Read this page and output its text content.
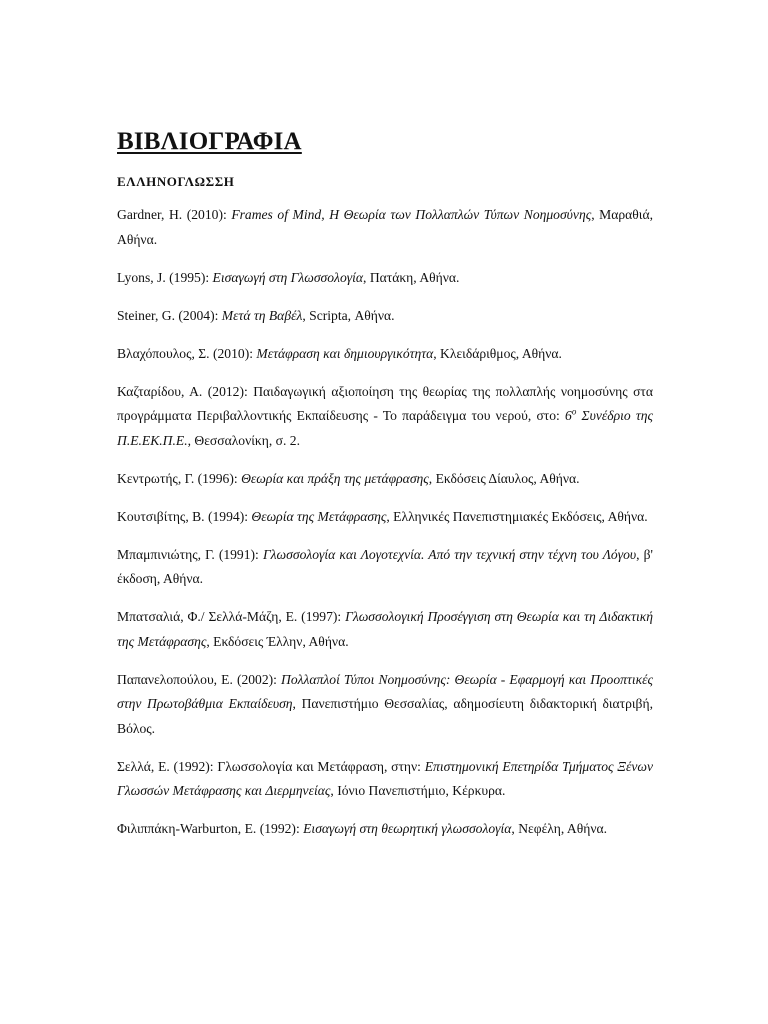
ΒΙΒΛΙΟΓΡΑΦΙΑ
ΕΛΛΗΝΟΓΛΩΣΣΗ

Gardner, H. (2010): Frames of Mind, Η Θεωρία των Πολλαπλών Τύπων Νοημοσύνης, Μαραθιά, Αθήνα.

Lyons, J. (1995): Εισαγωγή στη Γλωσσολογία, Πατάκη, Αθήνα.

Steiner, G. (2004): Μετά τη Βαβέλ, Scripta, Αθήνα.

Βλαχόπουλος, Σ. (2010): Μετάφραση και δημιουργικότητα, Κλειδάριθμος, Αθήνα.

Καζταρίδου, Α. (2012): Παιδαγωγική αξιοποίηση της θεωρίας της πολλαπλής νοημοσύνης στα προγράμματα Περιβαλλοντικής Εκπαίδευσης - Το παράδειγμα του νερού, στο: $6^o$ Συνέδριο της Π.Ε.ΕΚ.Π.Ε., Θεσσαλονίκη, σ. 2.

Κεντρωτής, Γ. (1996): Θεωρία και πράξη της μετάφρασης, Εκδόσεις Δίαυλος, Αθήνα.

Κουτσιβίτης, Β. (1994): Θεωρία της Μετάφρασης, Ελληνικές Πανεπιστημιακές Εκδόσεις, Αθήνα.

Μπαμπινιώτης, Γ. (1991): Γλωσσολογία και Λογοτεχνία. Από την τεχνική στην τέχνη του Λόγου, β' έκδοση, Αθήνα.

Μπατσαλιά, Φ./ Σελλά-Μάζη, Ε. (1997): Γλωσσολογική Προσέγγιση στη Θεωρία και τη Διδακτική της Μετάφρασης, Εκδόσεις Έλλην, Αθήνα.

Παπανελοπούλου, Ε. (2002): Πολλαπλοί Τύποι Νοημοσύνης: Θεωρία - Εφαρμογή και Προοπτικές στην Πρωτοβάθμια Εκπαίδευση, Πανεπιστήμιο Θεσσαλίας, αδημοσίευτη διδακτορική διατριβή, Βόλος.

Σελλά, Ε. (1992): Γλωσσολογία και Μετάφραση, στην: Επιστημονική Επετηρίδα Τμήματος Ξένων Γλωσσών Μετάφρασης και Διερμηνείας, Ιόνιο Πανεπιστήμιο, Κέρκυρα.

Φιλιππάκη-Warburton, Ε. (1992): Εισαγωγή στη θεωρητική γλωσσολογία, Νεφέλη, Αθήνα.
